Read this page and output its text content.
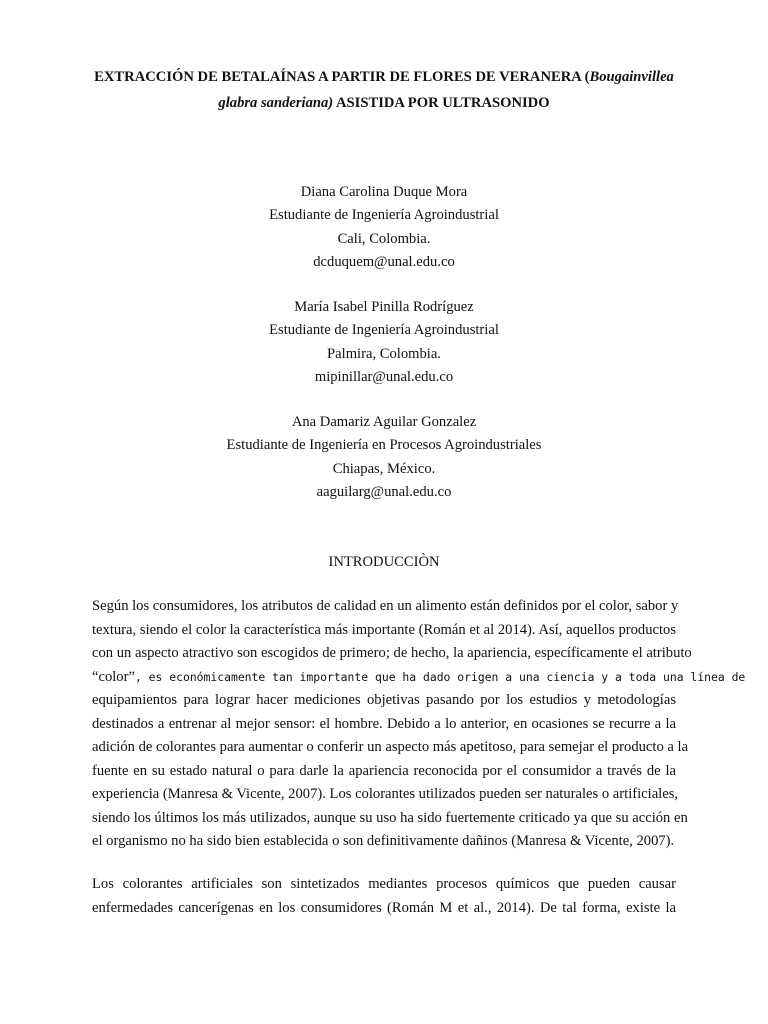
EXTRACCIÓN DE BETALAÍNAS A PARTIR DE FLORES DE VERANERA (Bougainvillea
glabra sanderiana) ASISTIDA POR ULTRASONIDO
Diana Carolina Duque Mora
Estudiante de Ingeniería Agroindustrial
Cali, Colombia.
dcduquem@unal.edu.co
María Isabel Pinilla Rodríguez
Estudiante de Ingeniería Agroindustrial
Palmira, Colombia.
mipinillar@unal.edu.co
Ana Damariz Aguilar Gonzalez
Estudiante de Ingeniería en Procesos Agroindustriales
Chiapas, México.
aaguilarg@unal.edu.co
INTRODUCCIÒN
Según los consumidores, los atributos de calidad en un alimento están definidos por el color, sabor y
textura, siendo el color la característica más importante (Román et al 2014). Así, aquellos productos
con un aspecto atractivo son escogidos de primero; de hecho, la apariencia, específicamente el atributo
“color”, es económicamente tan importante que ha dado origen a una ciencia y a toda una línea de
equipamientos para lograr hacer mediciones objetivas pasando por los estudios y metodologías
destinados a entrenar al mejor sensor: el hombre. Debido a lo anterior, en ocasiones se recurre a la
adición de colorantes para aumentar o conferir un aspecto más apetitoso, para semejar el producto a la
fuente en su estado natural o para darle la apariencia reconocida por el consumidor a través de la
experiencia (Manresa & Vicente, 2007). Los colorantes utilizados pueden ser naturales o artificiales,
siendo los últimos los más utilizados, aunque su uso ha sido fuertemente criticado ya que su acción en
el organismo no ha sido bien establecida o son definitivamente dañinos (Manresa & Vicente, 2007).
Los colorantes artificiales son sintetizados mediantes procesos químicos que pueden causar
enfermedades cancerígenas en los consumidores (Román M et al., 2014). De tal forma, existe la
